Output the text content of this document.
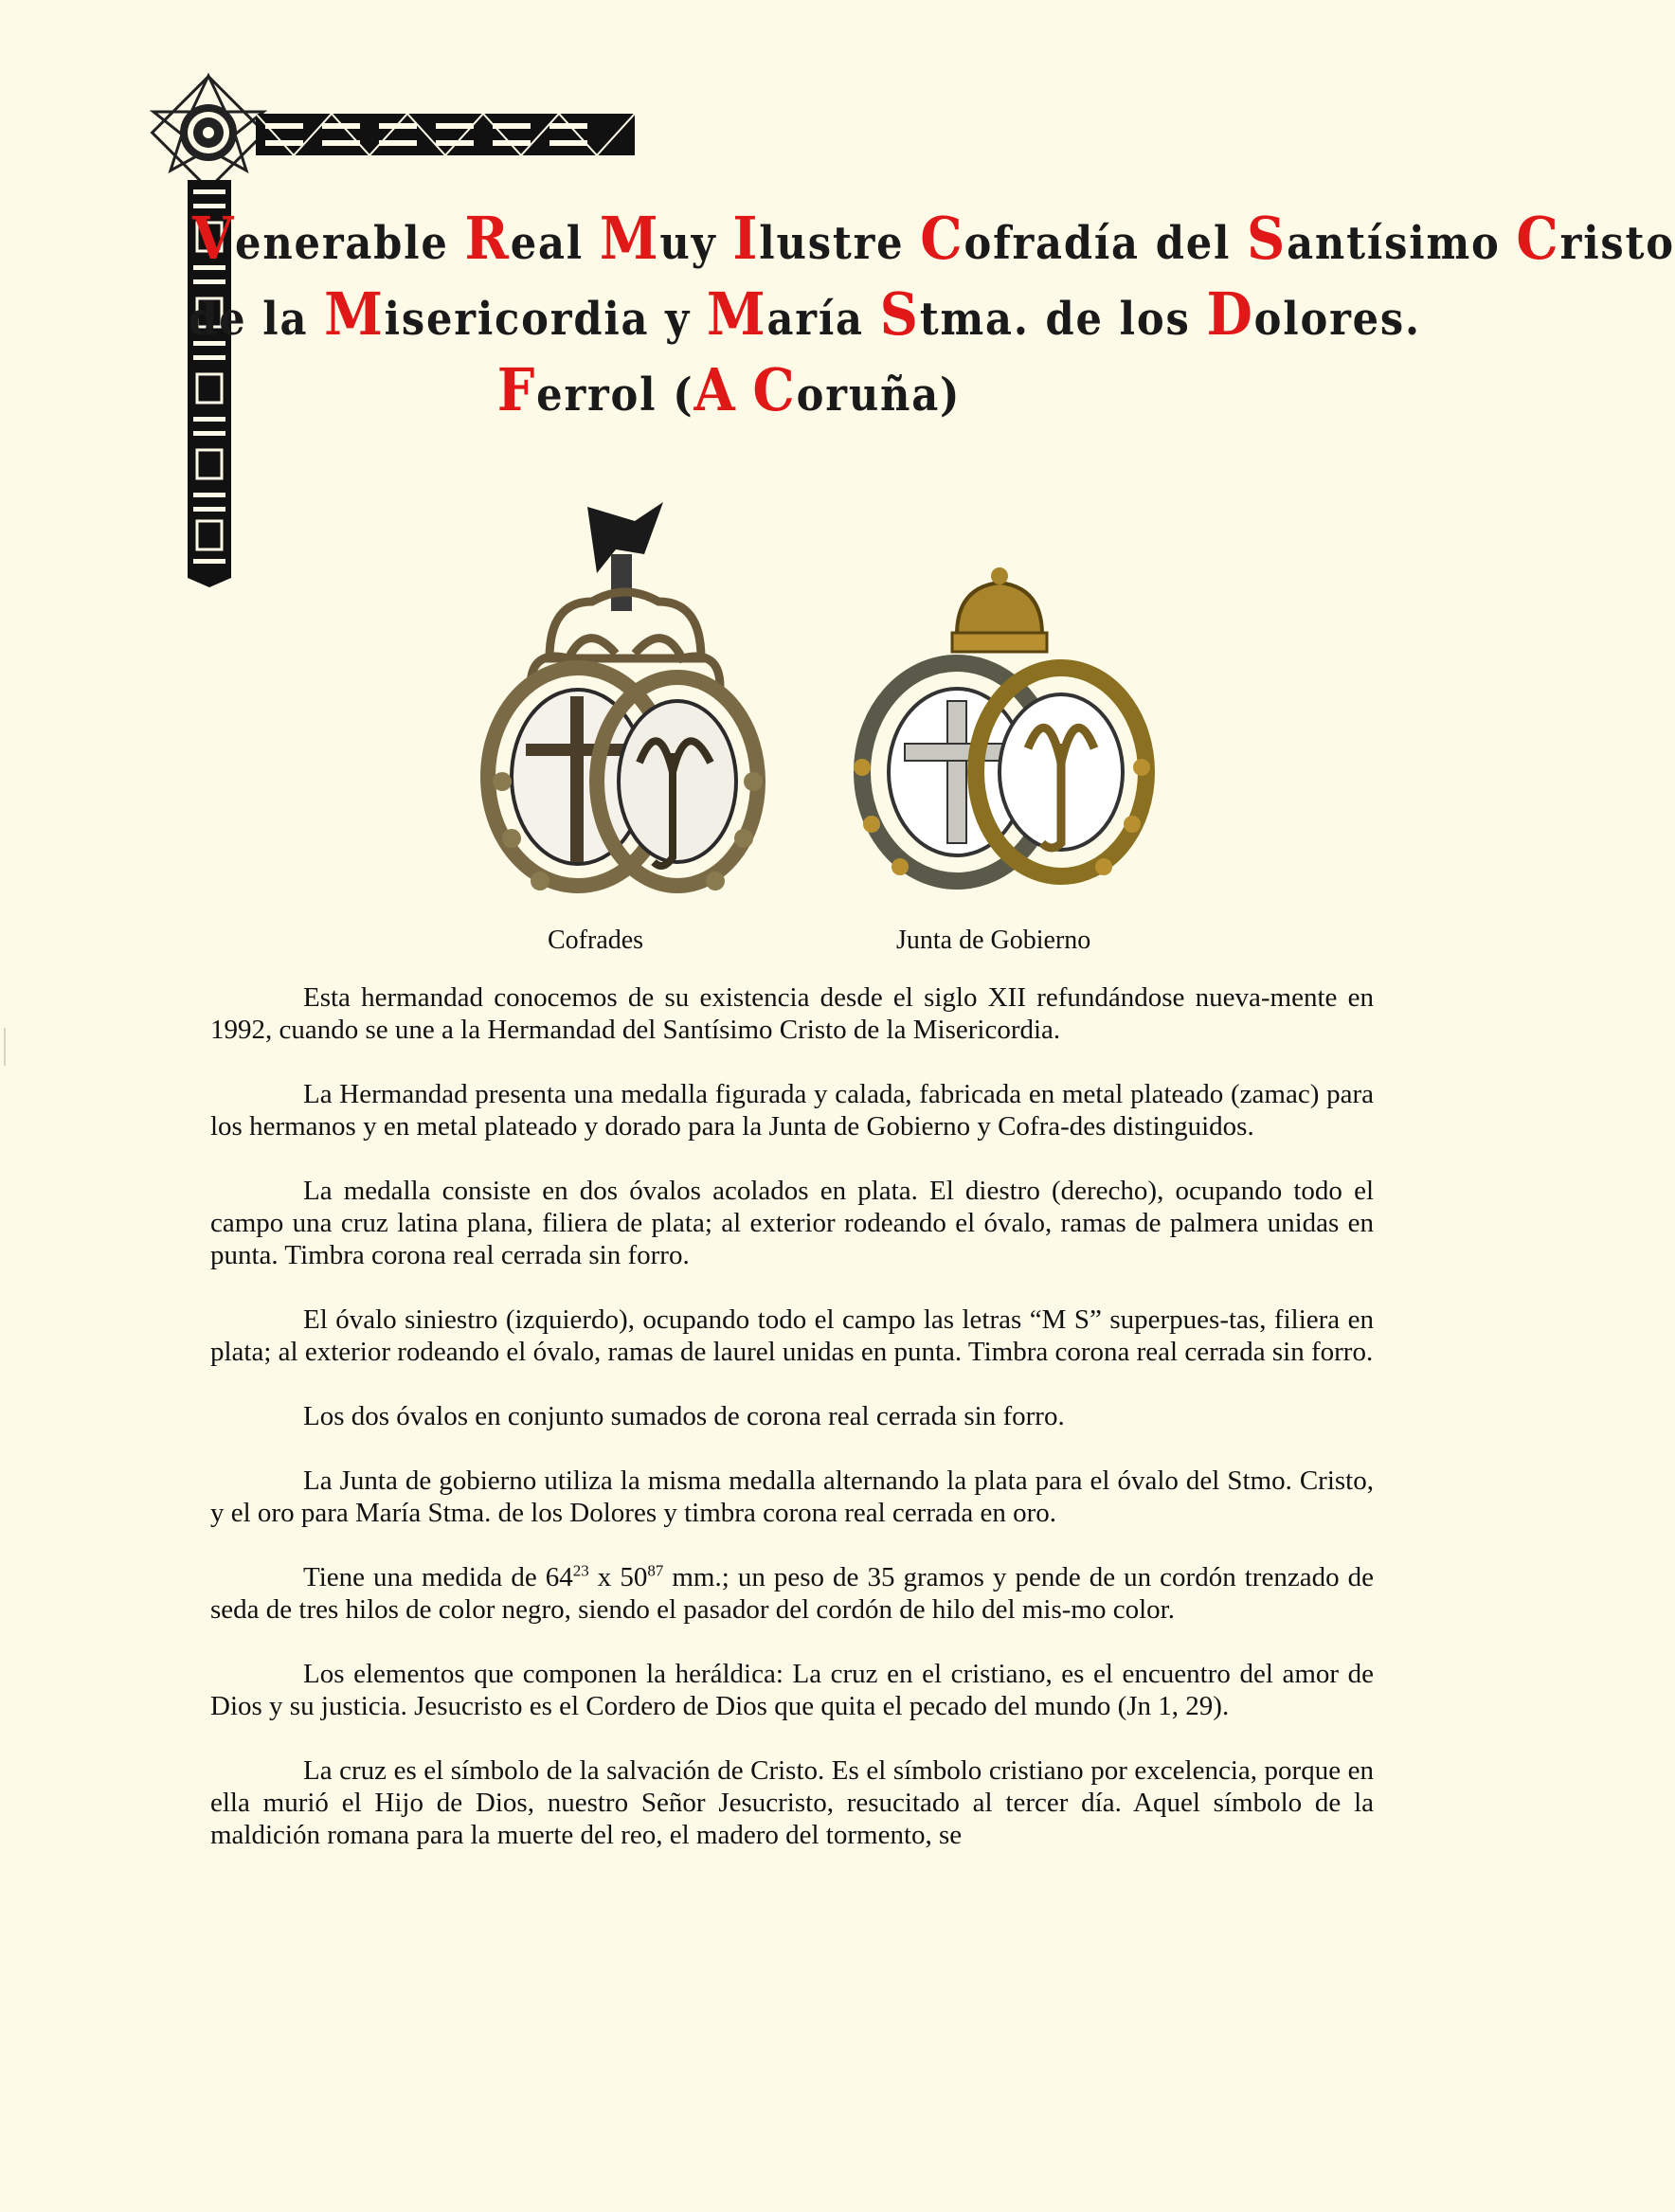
Venerable Real Muy Ilustre Cofradía del Santísimo Cristo
de la Misericordia y María Stma. de los Dolores.
Ferrol (A Coruña)
Cofrades	Junta de Gobierno

Esta hermandad conocemos de su existencia desde el siglo XII refundándose nueva-mente en 1992, cuando se une a la Hermandad del Santísimo Cristo de la Misericordia.

La Hermandad presenta una medalla figurada y calada, fabricada en metal plateado (zamac) para los hermanos y en metal plateado y dorado para la Junta de Gobierno y Cofra-des distinguidos.

La medalla consiste en dos óvalos acolados en plata. El diestro (derecho), ocupando todo el campo una cruz latina plana, filiera de plata; al exterior rodeando el óvalo, ramas de palmera unidas en punta. Timbra corona real cerrada sin forro.

El óvalo siniestro (izquierdo), ocupando todo el campo las letras “M S” superpues-tas, filiera en plata; al exterior rodeando el óvalo, ramas de laurel unidas en punta. Timbra corona real cerrada sin forro.

Los dos óvalos en conjunto sumados de corona real cerrada sin forro.

La Junta de gobierno utiliza la misma medalla alternando la plata para el óvalo del Stmo. Cristo, y el oro para María Stma. de los Dolores y timbra corona real cerrada en oro.

Tiene una medida de $64^{23}$ x $50^{87}$ mm.; un peso de 35 gramos y pende de un cordón trenzado de seda de tres hilos de color negro, siendo el pasador del cordón de hilo del mis-mo color.

Los elementos que componen la heráldica: La cruz en el cristiano, es el encuentro del amor de Dios y su justicia. Jesucristo es el Cordero de Dios que quita el pecado del mundo (Jn 1, 29).

La cruz es el símbolo de la salvación de Cristo. Es el símbolo cristiano por excelencia, porque en ella murió el Hijo de Dios, nuestro Señor Jesucristo, resucitado al tercer día. Aquel símbolo de la maldición romana para la muerte del reo, el madero del tormento, se
